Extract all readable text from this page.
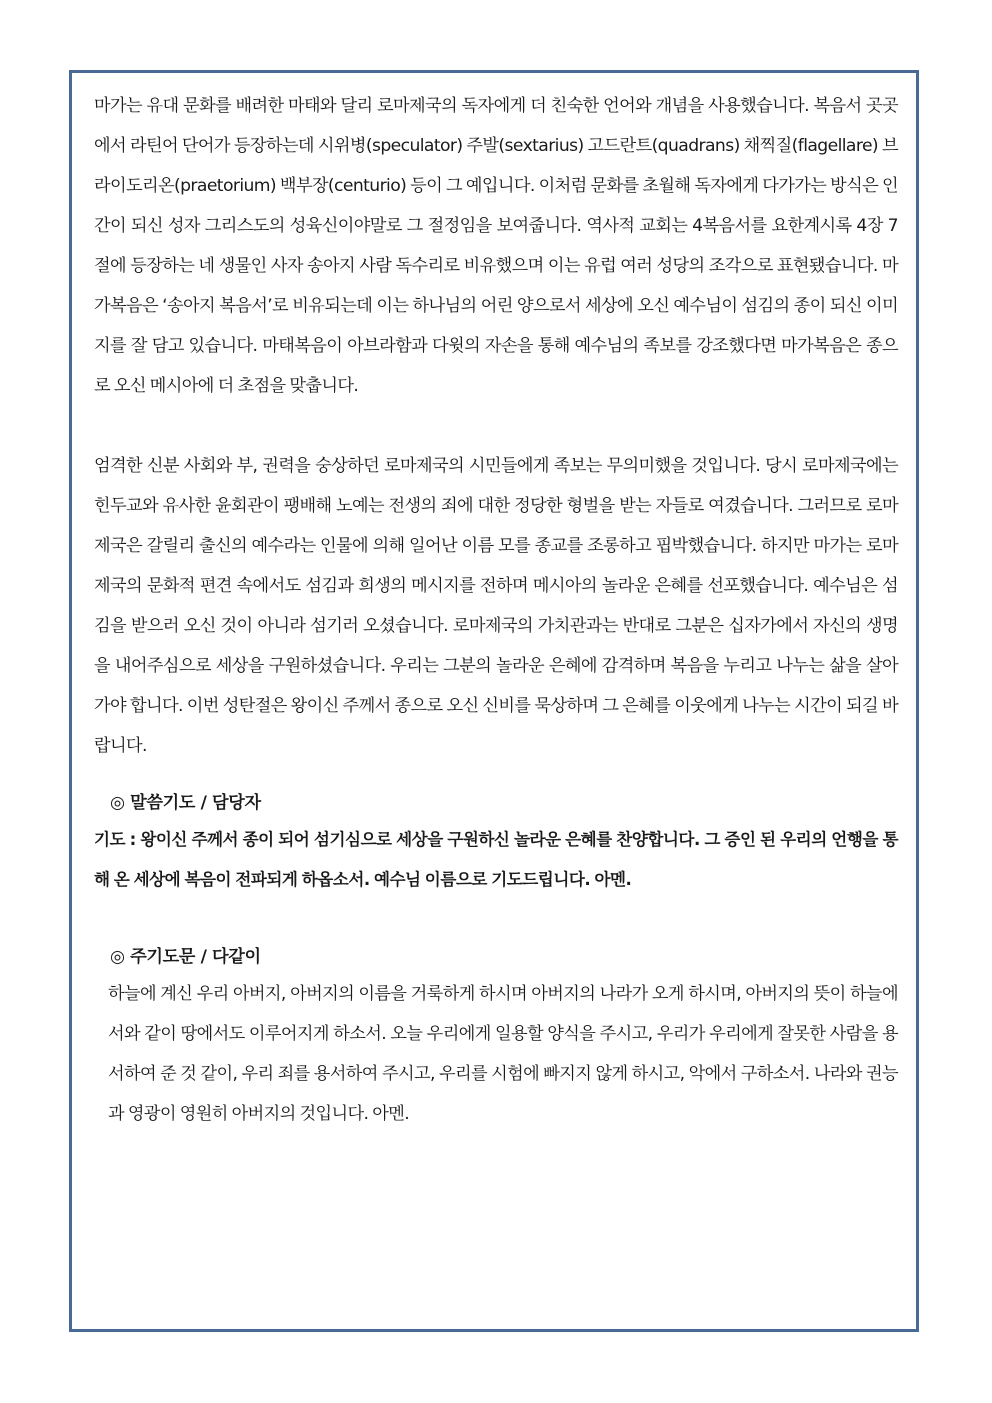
마가는 유대 문화를 배려한 마태와 달리 로마제국의 독자에게 더 친숙한 언어와 개념을 사용했습니다. 복음서 곳곳에서 라틴어 단어가 등장하는데 시위병(speculator) 주발(sextarius) 고드란트(quadrans) 채찍질(flagellare) 브라이도리온(praetorium) 백부장(centurio) 등이 그 예입니다. 이처럼 문화를 초월해 독자에게 다가가는 방식은 인간이 되신 성자 그리스도의 성육신이야말로 그 절정임을 보여줍니다. 역사적 교회는 4복음서를 요한계시록 4장 7절에 등장하는 네 생물인 사자 송아지 사람 독수리로 비유했으며 이는 유럽 여러 성당의 조각으로 표현됐습니다. 마가복음은 ‘송아지 복음서’로 비유되는데 이는 하나님의 어린 양으로서 세상에 오신 예수님이 섬김의 종이 되신 이미지를 잘 담고 있습니다. 마태복음이 아브라함과 다윗의 자손을 통해 예수님의 족보를 강조했다면 마가복음은 종으로 오신 메시아에 더 초점을 맞춥니다.

엄격한 신분 사회와 부, 권력을 숭상하던 로마제국의 시민들에게 족보는 무의미했을 것입니다. 당시 로마제국에는 힌두교와 유사한 윤회관이 팽배해 노예는 전생의 죄에 대한 정당한 형벌을 받는 자들로 여겼습니다. 그러므로 로마제국은 갈릴리 출신의 예수라는 인물에 의해 일어난 이름 모를 종교를 조롱하고 핍박했습니다. 하지만 마가는 로마제국의 문화적 편견 속에서도 섬김과 희생의 메시지를 전하며 메시아의 놀라운 은혜를 선포했습니다. 예수님은 섬김을 받으러 오신 것이 아니라 섬기러 오셨습니다. 로마제국의 가치관과는 반대로 그분은 십자가에서 자신의 생명을 내어주심으로 세상을 구원하셨습니다. 우리는 그분의 놀라운 은혜에 감격하며 복음을 누리고 나누는 삶을 살아가야 합니다. 이번 성탄절은 왕이신 주께서 종으로 오신 신비를 묵상하며 그 은혜를 이웃에게 나누는 시간이 되길 바랍니다.

◎ 말씀기도 / 담당자

기도 : 왕이신 주께서 종이 되어 섬기심으로 세상을 구원하신 놀라운 은혜를 찬양합니다. 그 증인 된 우리의 언행을 통해 온 세상에 복음이 전파되게 하옵소서. 예수님 이름으로 기도드립니다. 아멘.

◎ 주기도문 / 다같이

하늘에 계신 우리 아버지, 아버지의 이름을 거룩하게 하시며 아버지의 나라가 오게 하시며, 아버지의 뜻이 하늘에서와 같이 땅에서도 이루어지게 하소서. 오늘 우리에게 일용할 양식을 주시고, 우리가 우리에게 잘못한 사람을 용서하여 준 것 같이, 우리 죄를 용서하여 주시고, 우리를 시험에 빠지지 않게 하시고, 악에서 구하소서. 나라와 권능과 영광이 영원히 아버지의 것입니다. 아멘.
